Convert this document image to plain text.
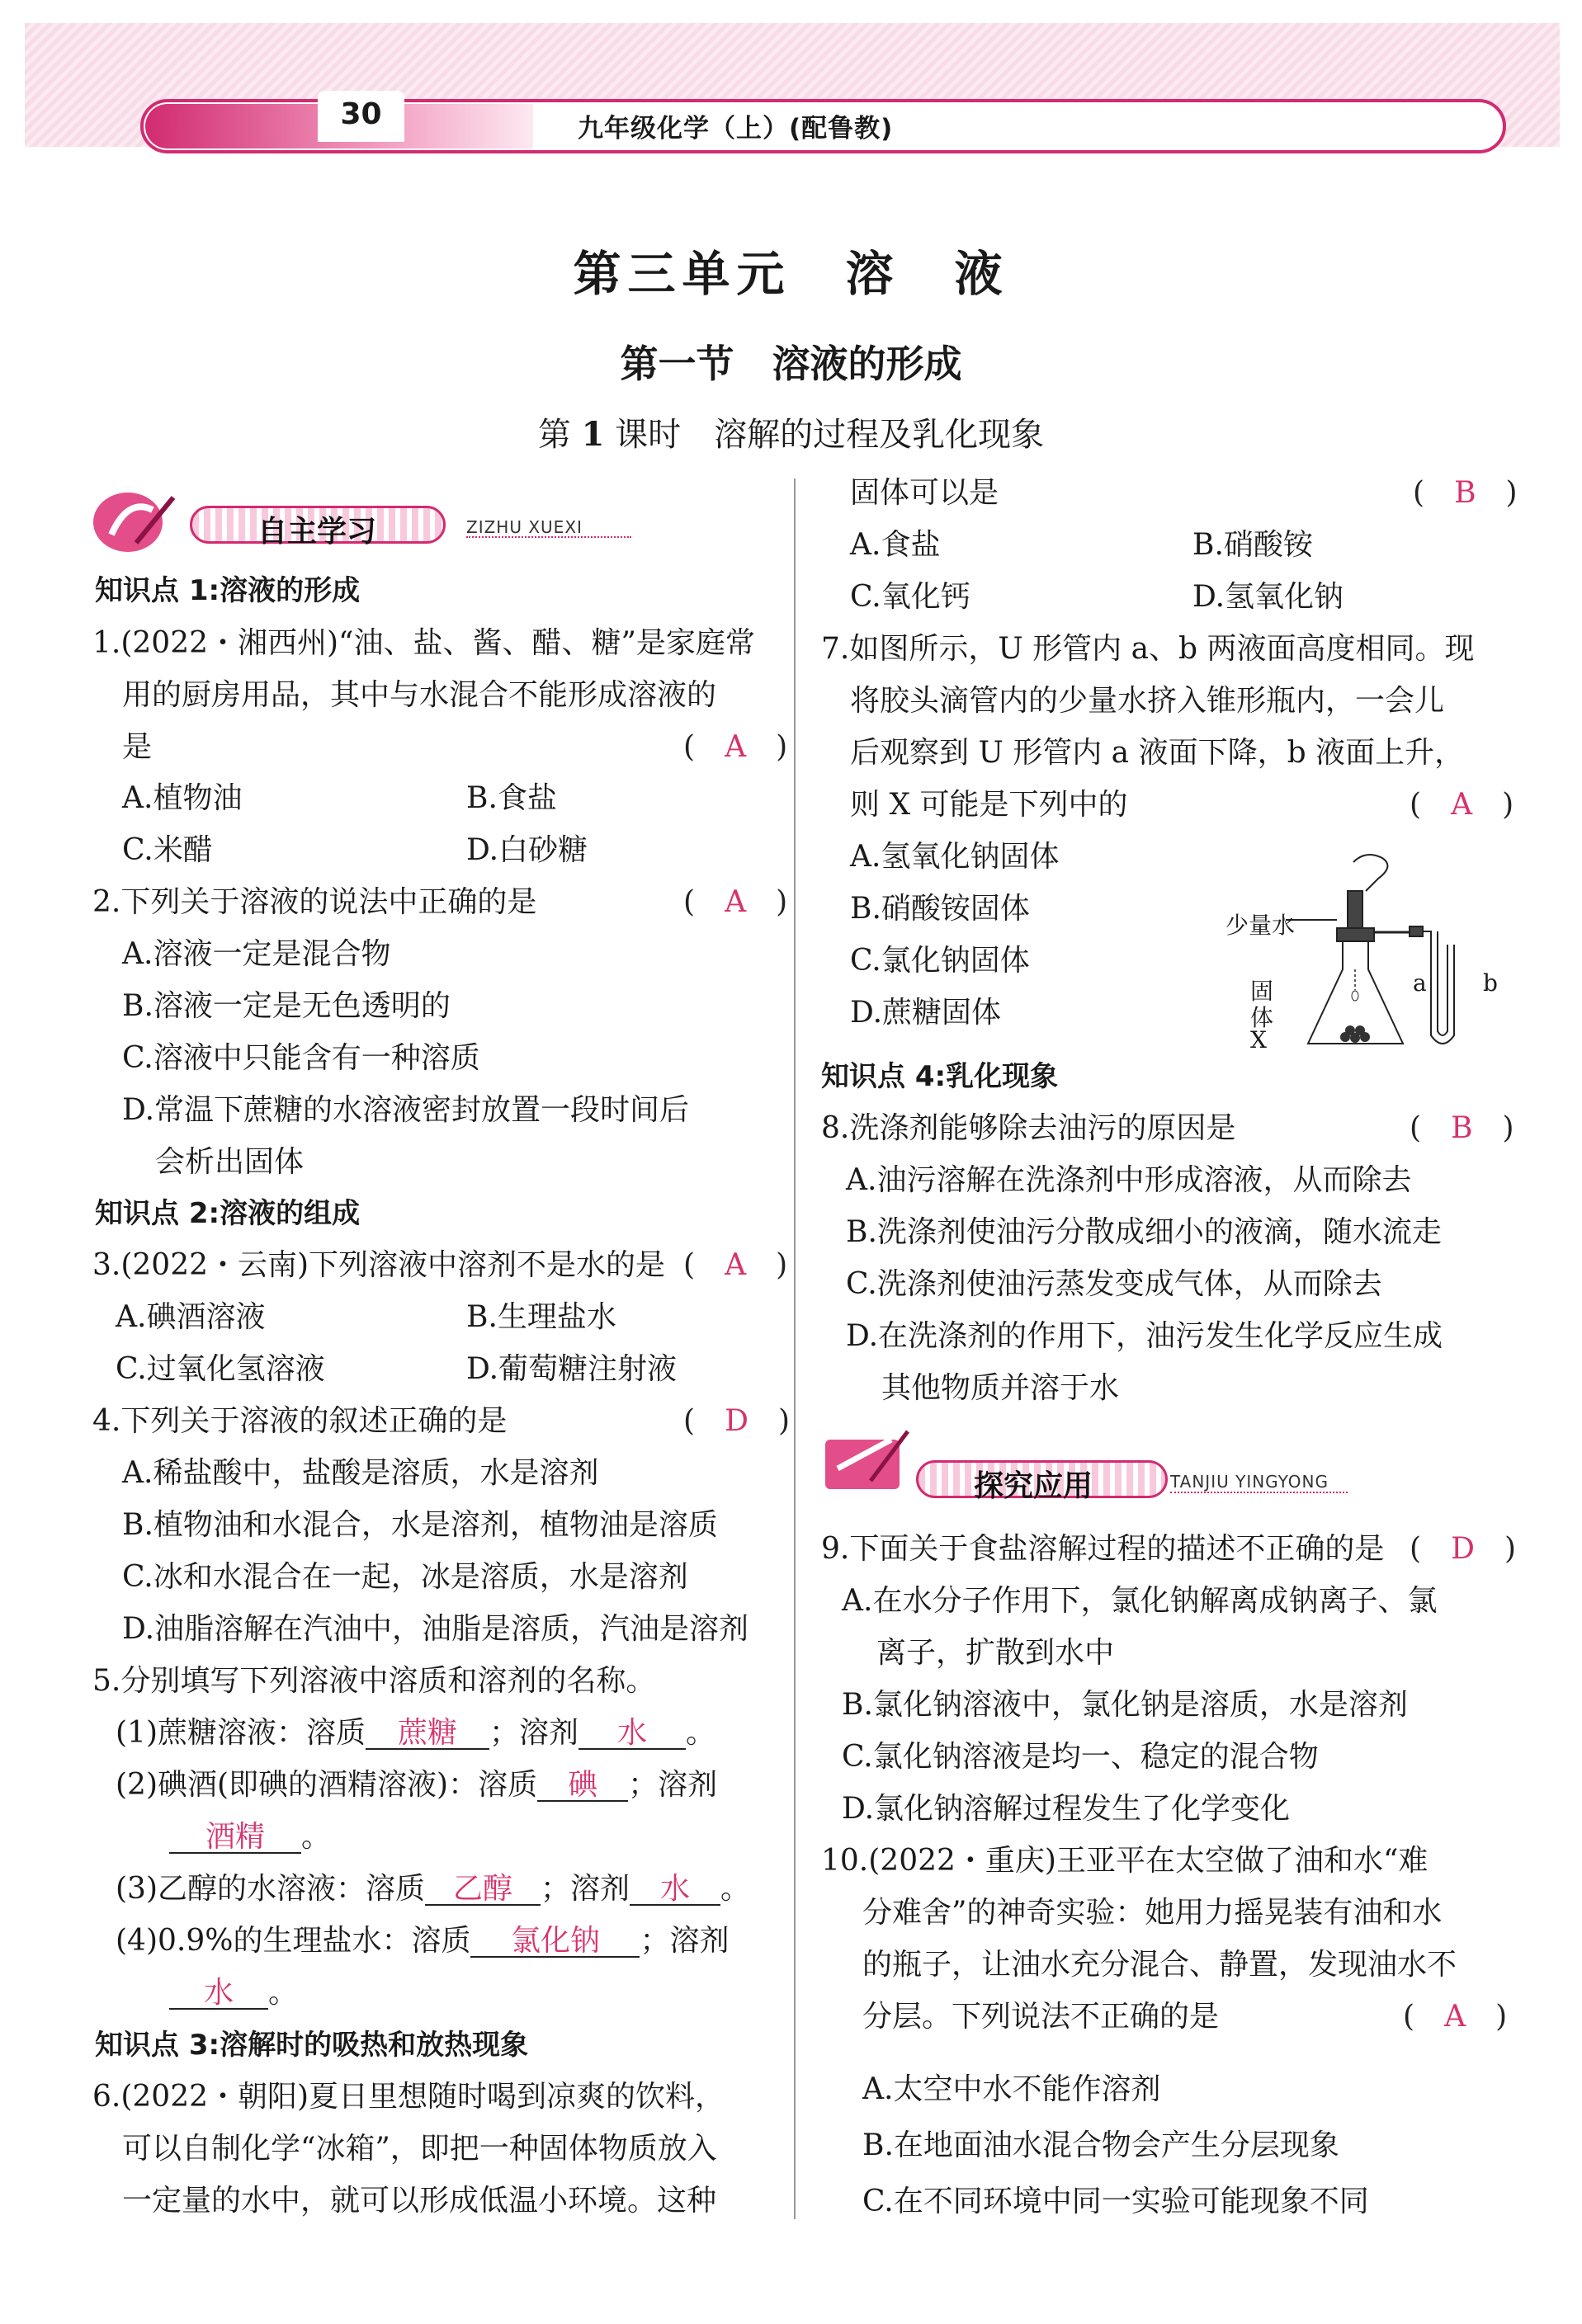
30	九年级化学（上）(配鲁教)
第三单元　溶　液
第一节　溶液的形成
第 1 课时　溶解的过程及乳化现象
自主学习	ZIZHU XUEXI
知识点 1:溶液的形成
1.(2022・湘西州)“油、盐、酱、醋、糖”是家庭常
用的厨房用品，其中与水混合不能形成溶液的
是	(　 A　 )
A.植物油	B.食盐
C.米醋	D.白砂糖
2.下列关于溶液的说法中正确的是	(　 A　 )
A.溶液一定是混合物
B.溶液一定是无色透明的
C.溶液中只能含有一种溶质
D.常温下蔗糖的水溶液密封放置一段时间后
会析出固体
知识点 2:溶液的组成
3.(2022・云南)下列溶液中溶剂不是水的是 (　 A　 )
A.碘酒溶液	B.生理盐水
C.过氧化氢溶液	D.葡萄糖注射液
4.下列关于溶液的叙述正确的是	(　 D　 )
A.稀盐酸中，盐酸是溶质，水是溶剂
B.植物油和水混合，水是溶剂，植物油是溶质
C.冰和水混合在一起，冰是溶质，水是溶剂
D.油脂溶解在汽油中，油脂是溶质，汽油是溶剂
5.分别填写下列溶液中溶质和溶剂的名称。
(1)蔗糖溶液：溶质 蔗糖 ；溶剂 水 。
(2)碘酒(即碘的酒精溶液)：溶质 碘 ；溶剂
酒精 。
(3)乙醇的水溶液：溶质 乙醇 ；溶剂 水 。
(4)0.9%的生理盐水：溶质 氯化钠 ；溶剂
水 。
知识点 3:溶解时的吸热和放热现象
6.(2022・朝阳)夏日里想随时喝到凉爽的饮料，
可以自制化学“冰箱”，即把一种固体物质放入
一定量的水中，就可以形成低温小环境。这种
固体可以是	(　 B　 )
A.食盐	B.硝酸铵
C.氧化钙	D.氢氧化钠
7.如图所示，U 形管内 a、b 两液面高度相同。现
将胶头滴管内的少量水挤入锥形瓶内，一会儿
后观察到 U 形管内 a 液面下降，b 液面上升，
则 X 可能是下列中的	(　 A　 )
A.氢氧化钠固体
B.硝酸铵固体
C.氯化钠固体
D.蔗糖固体
少量水
固
体
X
a b
知识点 4:乳化现象
8.洗涤剂能够除去油污的原因是	(　 B　 )
A.油污溶解在洗涤剂中形成溶液，从而除去
B.洗涤剂使油污分散成细小的液滴，随水流走
C.洗涤剂使油污蒸发变成气体，从而除去
D.在洗涤剂的作用下，油污发生化学反应生成
其他物质并溶于水
探究应用	TANJIU YINGYONG
9.下面关于食盐溶解过程的描述不正确的是 (　 D　 )
A.在水分子作用下，氯化钠解离成钠离子、氯
离子，扩散到水中
B.氯化钠溶液中，氯化钠是溶质，水是溶剂
C.氯化钠溶液是均一、稳定的混合物
D.氯化钠溶解过程发生了化学变化
10.(2022・重庆)王亚平在太空做了油和水“难
分难舍”的神奇实验：她用力摇晃装有油和水
的瓶子，让油水充分混合、静置，发现油水不
分层。下列说法不正确的是	(　 A　 )
A.太空中水不能作溶剂
B.在地面油水混合物会产生分层现象
C.在不同环境中同一实验可能现象不同
